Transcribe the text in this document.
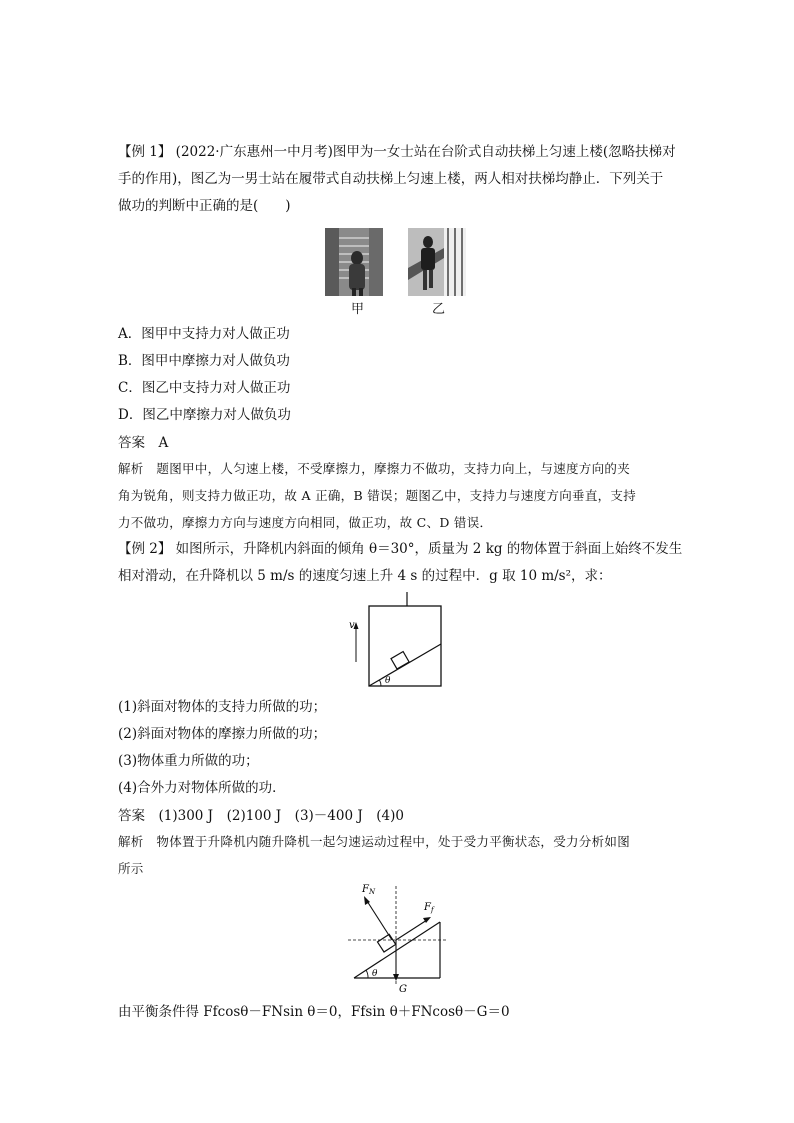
【例 1】 (2022·广东惠州一中月考)图甲为一女士站在台阶式自动扶梯上匀速上楼(忽略扶梯对
手的作用)，图乙为一男士站在履带式自动扶梯上匀速上楼，两人相对扶梯均静止．下列关于
做功的判断中正确的是(　　)
甲	乙
A．图甲中支持力对人做正功
B．图甲中摩擦力对人做负功
C．图乙中支持力对人做正功
D．图乙中摩擦力对人做负功
答案　A
解析　题图甲中，人匀速上楼，不受摩擦力，摩擦力不做功，支持力向上，与速度方向的夹
角为锐角，则支持力做正功，故 A 正确，B 错误；题图乙中，支持力与速度方向垂直，支持
力不做功，摩擦力方向与速度方向相同，做正功，故 C、D 错误．
【例 2】 如图所示，升降机内斜面的倾角 θ＝30°，质量为 2 kg 的物体置于斜面上始终不发生
相对滑动，在升降机以 5 m/s 的速度匀速上升 4 s 的过程中．g 取 10 m/s²，求：
v
θ
(1)斜面对物体的支持力所做的功；
(2)斜面对物体的摩擦力所做的功；
(3)物体重力所做的功；
(4)合外力对物体所做的功．
答案　(1)300 J　(2)100 J　(3)－400 J　(4)0
解析　物体置于升降机内随升降机一起匀速运动过程中，处于受力平衡状态，受力分析如图
所示
θ
$F_N$
$F_f$
G
由平衡条件得 Ffcosθ－FNsin θ＝0，Ffsin θ＋FNcosθ－G＝0
